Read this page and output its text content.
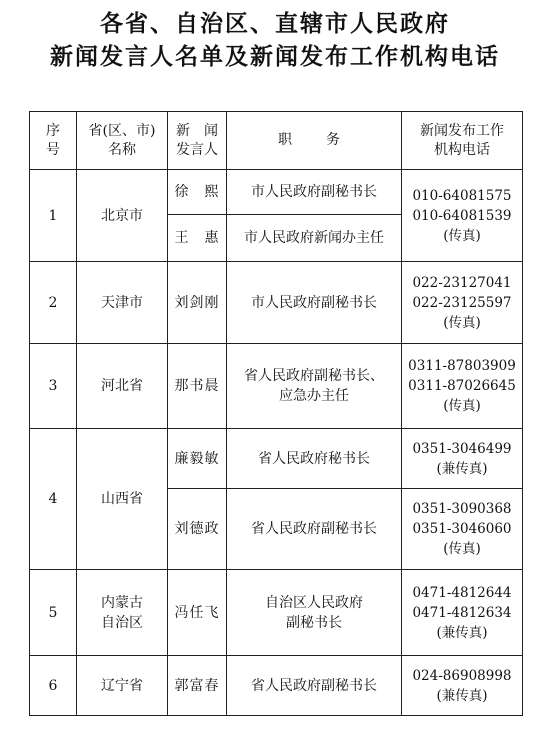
各省、自治区、直辖市人民政府
新闻发言人名单及新闻发布工作机构电话
序
号	省(区、市)
名称	新　闻
发言人	职　务	新闻发布工作
机构电话

1	北京市	徐　熙	市人民政府副秘书长	010-64081575
010-64081539
(传真)

		王　惠	市人民政府新闻办主任	

2	天津市	刘剑刚	市人民政府副秘书长	022-23127041
022-23125597
(传真)

3	河北省	那书晨	省人民政府副秘书长、
应急办主任	0311-87803909
0311-87026645
(传真)

4	山西省	廉毅敏	省人民政府秘书长	0351-3046499
(兼传真)

		刘德政	省人民政府副秘书长	0351-3090368
0351-3046060
(传真)

5	内蒙古
自治区	冯任飞	自治区人民政府
副秘书长	0471-4812644
0471-4812634
(兼传真)

6	辽宁省	郭富春	省人民政府副秘书长	024-86908998
(兼传真)
